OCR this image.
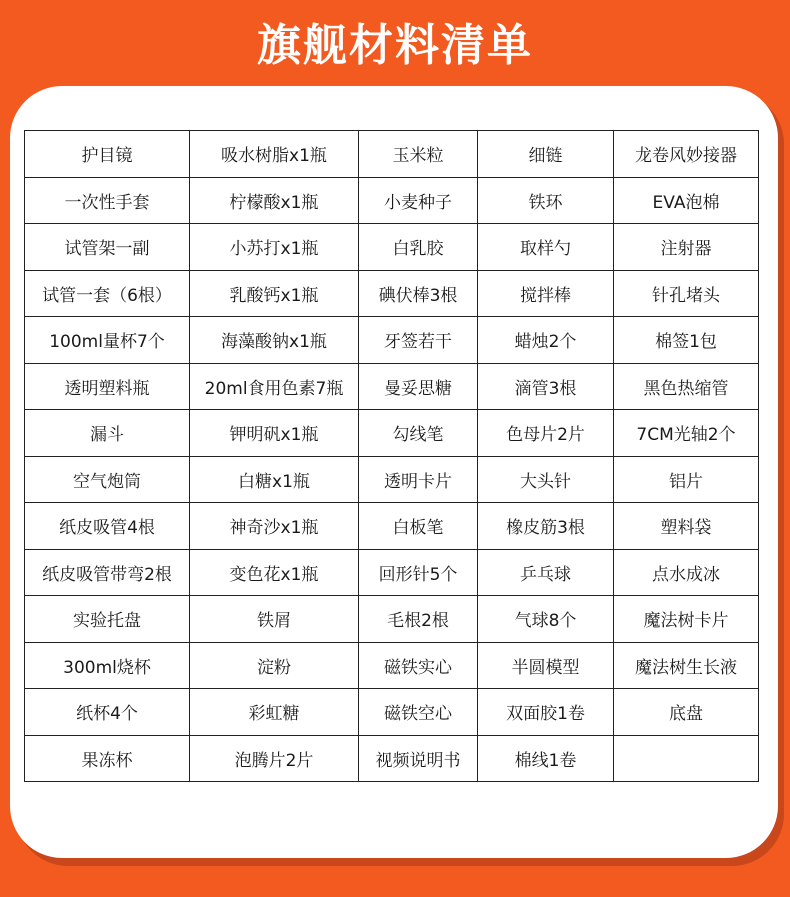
旗舰材料清单
护目镜	吸水树脂x1瓶	玉米粒	细链	龙卷风妙接器
一次性手套	柠檬酸x1瓶	小麦种子	铁环	EVA泡棉
试管架一副	小苏打x1瓶	白乳胶	取样勺	注射器
试管一套（6根）	乳酸钙x1瓶	碘伏棒3根	搅拌棒	针孔堵头
100ml量杯7个	海藻酸钠x1瓶	牙签若干	蜡烛2个	棉签1包
透明塑料瓶	20ml食用色素7瓶	曼妥思糖	滴管3根	黑色热缩管
漏斗	钾明矾x1瓶	勾线笔	色母片2片	7CM光轴2个
空气炮筒	白糖x1瓶	透明卡片	大头针	铝片
纸皮吸管4根	神奇沙x1瓶	白板笔	橡皮筋3根	塑料袋
纸皮吸管带弯2根	变色花x1瓶	回形针5个	乒乓球	点水成冰
实验托盘	铁屑	毛根2根	气球8个	魔法树卡片
300ml烧杯	淀粉	磁铁实心	半圆模型	魔法树生长液
纸杯4个	彩虹糖	磁铁空心	双面胶1卷	底盘
果冻杯	泡腾片2片	视频说明书	棉线1卷	
